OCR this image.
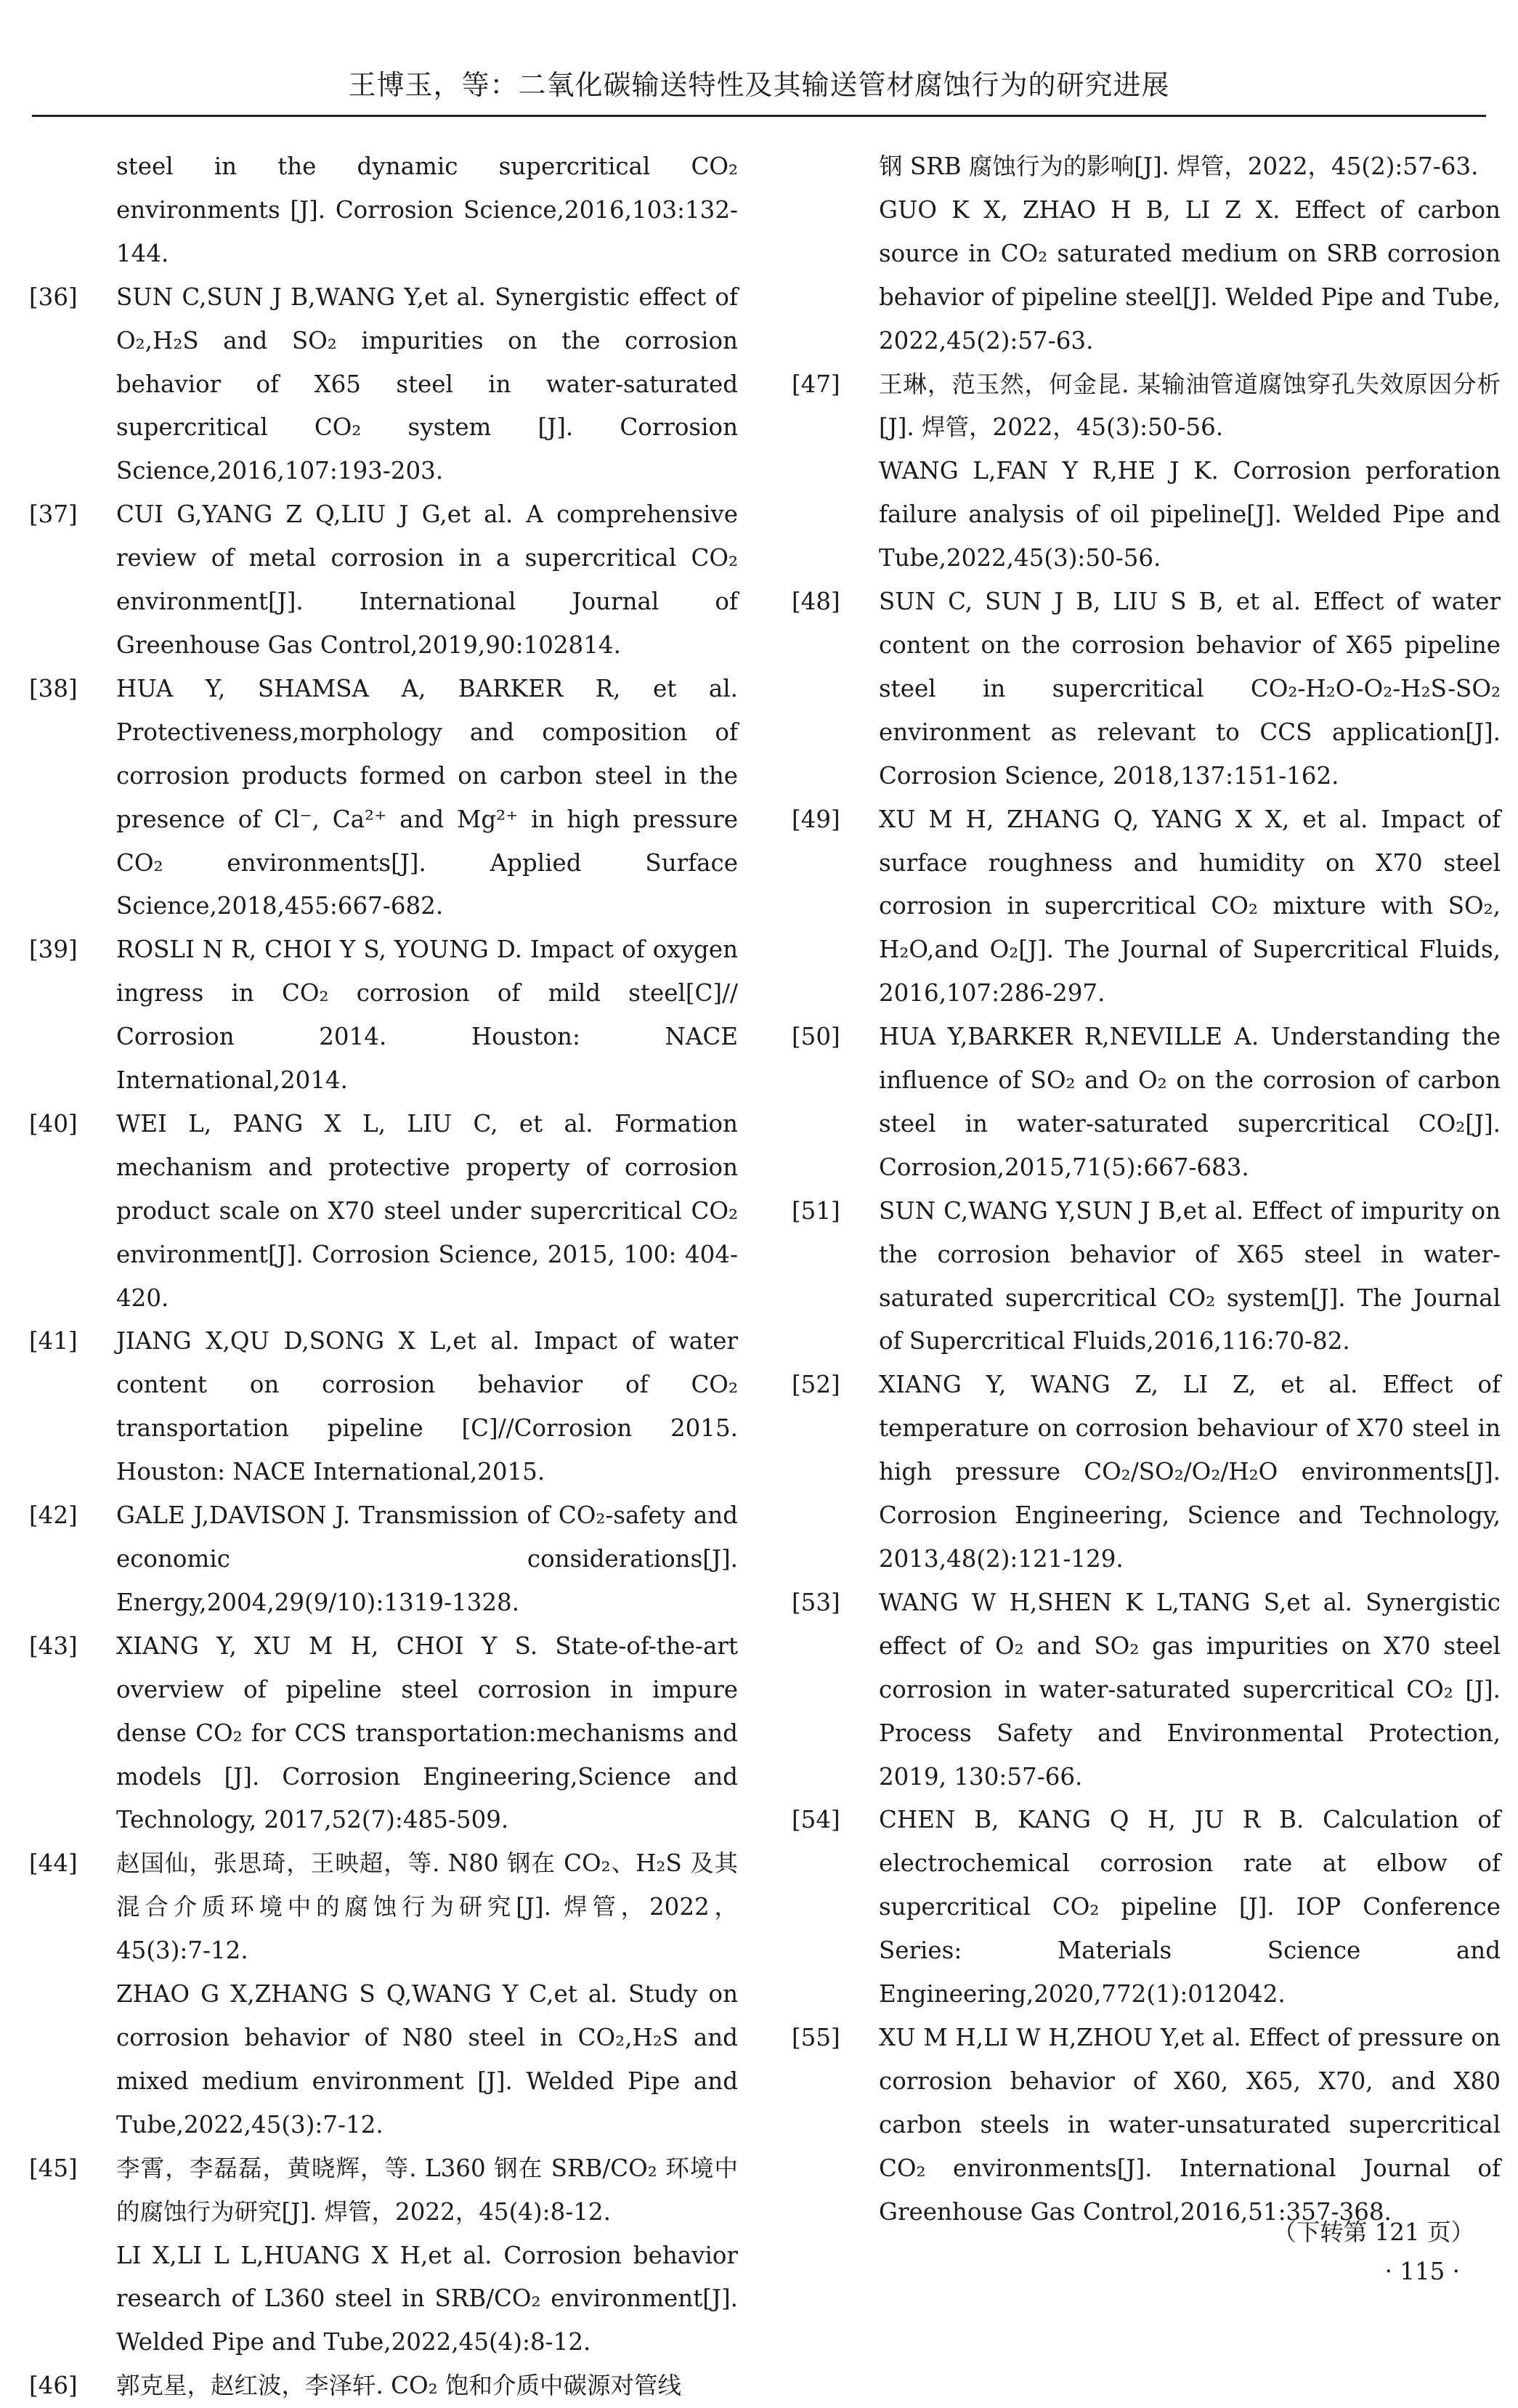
王博玉，等：二氧化碳输送特性及其输送管材腐蚀行为的研究进展
steel in the dynamic supercritical CO₂ environments [J]. Corrosion Science,2016,103:132-144.
[36]	SUN C,SUN J B,WANG Y,et al. Synergistic effect of O₂,H₂S and SO₂ impurities on the corrosion behavior of X65 steel in water-saturated supercritical CO₂ system [J]. Corrosion Science,2016,107:193-203.
[37]	CUI G,YANG Z Q,LIU J G,et al. A comprehensive review of metal corrosion in a supercritical CO₂ environment[J]. International Journal of Greenhouse Gas Control,2019,90:102814.
[38]	HUA Y, SHAMSA A, BARKER R, et al. Protectiveness,morphology and composition of corrosion products formed on carbon steel in the presence of Cl⁻, Ca²⁺ and Mg²⁺ in high pressure CO₂ environments[J]. Applied Surface Science,2018,455:667-682.
[39]	ROSLI N R, CHOI Y S, YOUNG D. Impact of oxygen ingress in CO₂ corrosion of mild steel[C]// Corrosion 2014. Houston: NACE International,2014.
[40]	WEI L, PANG X L, LIU C, et al. Formation mechanism and protective property of corrosion product scale on X70 steel under supercritical CO₂ environment[J]. Corrosion Science, 2015, 100: 404-420.
[41]	JIANG X,QU D,SONG X L,et al. Impact of water content on corrosion behavior of CO₂ transportation pipeline [C]//Corrosion 2015. Houston: NACE International,2015.
[42]	GALE J,DAVISON J. Transmission of CO₂-safety and economic considerations[J]. Energy,2004,29(9/10):1319-1328.
[43]	XIANG Y, XU M H, CHOI Y S. State-of-the-art overview of pipeline steel corrosion in impure dense CO₂ for CCS transportation:mechanisms and models [J]. Corrosion Engineering,Science and Technology, 2017,52(7):485-509.
[44]	赵国仙，张思琦，王映超，等. N80 钢在 CO₂、H₂S 及其混合介质环境中的腐蚀行为研究[J]. 焊管，2022，45(3):7-12.
ZHAO G X,ZHANG S Q,WANG Y C,et al. Study on corrosion behavior of N80 steel in CO₂,H₂S and mixed medium environment [J]. Welded Pipe and Tube,2022,45(3):7-12.
[45]	李霄，李磊磊，黄晓辉，等. L360 钢在 SRB/CO₂ 环境中的腐蚀行为研究[J]. 焊管，2022，45(4):8-12.
LI X,LI L L,HUANG X H,et al. Corrosion behavior research of L360 steel in SRB/CO₂ environment[J]. Welded Pipe and Tube,2022,45(4):8-12.
[46]	郭克星，赵红波，李泽轩. CO₂ 饱和介质中碳源对管线
钢 SRB 腐蚀行为的影响[J]. 焊管，2022，45(2):57-63.
GUO K X, ZHAO H B, LI Z X. Effect of carbon source in CO₂ saturated medium on SRB corrosion behavior of pipeline steel[J]. Welded Pipe and Tube, 2022,45(2):57-63.
[47]	王琳，范玉然，何金昆. 某输油管道腐蚀穿孔失效原因分析[J]. 焊管，2022，45(3):50-56.
WANG L,FAN Y R,HE J K. Corrosion perforation failure analysis of oil pipeline[J]. Welded Pipe and Tube,2022,45(3):50-56.
[48]	SUN C, SUN J B, LIU S B, et al. Effect of water content on the corrosion behavior of X65 pipeline steel in supercritical CO₂-H₂O-O₂-H₂S-SO₂ environment as relevant to CCS application[J]. Corrosion Science, 2018,137:151-162.
[49]	XU M H, ZHANG Q, YANG X X, et al. Impact of surface roughness and humidity on X70 steel corrosion in supercritical CO₂ mixture with SO₂, H₂O,and O₂[J]. The Journal of Supercritical Fluids, 2016,107:286-297.
[50]	HUA Y,BARKER R,NEVILLE A. Understanding the influence of SO₂ and O₂ on the corrosion of carbon steel in water-saturated supercritical CO₂[J]. Corrosion,2015,71(5):667-683.
[51]	SUN C,WANG Y,SUN J B,et al. Effect of impurity on the corrosion behavior of X65 steel in water-saturated supercritical CO₂ system[J]. The Journal of Supercritical Fluids,2016,116:70-82.
[52]	XIANG Y, WANG Z, LI Z, et al. Effect of temperature on corrosion behaviour of X70 steel in high pressure CO₂/SO₂/O₂/H₂O environments[J]. Corrosion Engineering, Science and Technology, 2013,48(2):121-129.
[53]	WANG W H,SHEN K L,TANG S,et al. Synergistic effect of O₂ and SO₂ gas impurities on X70 steel corrosion in water-saturated supercritical CO₂ [J]. Process Safety and Environmental Protection, 2019, 130:57-66.
[54]	CHEN B, KANG Q H, JU R B. Calculation of electrochemical corrosion rate at elbow of supercritical CO₂ pipeline [J]. IOP Conference Series: Materials Science and Engineering,2020,772(1):012042.
[55]	XU M H,LI W H,ZHOU Y,et al. Effect of pressure on corrosion behavior of X60, X65, X70, and X80 carbon steels in water-unsaturated supercritical CO₂ environments[J]. International Journal of Greenhouse Gas Control,2016,51:357-368.
（下转第 121 页）
· 115 ·
